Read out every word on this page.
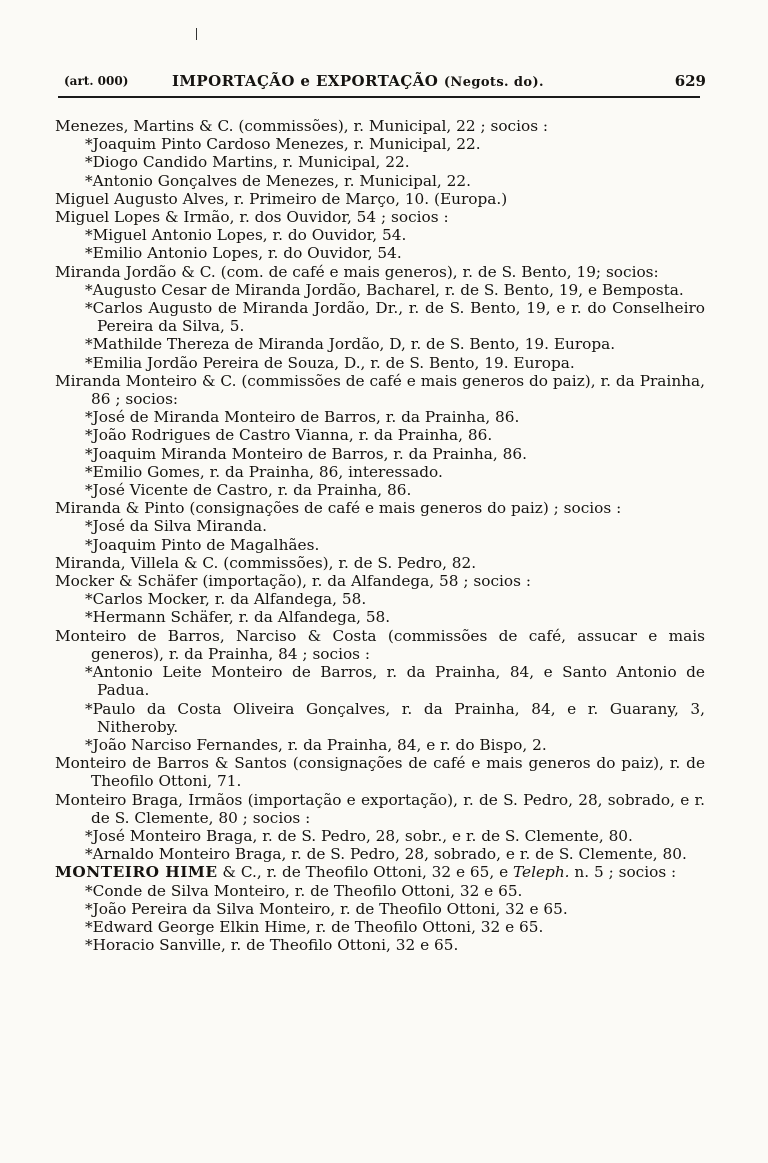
(art. 000)	IMPORTAÇÃO e EXPORTAÇÃO (Negots. do).	629
Menezes, Martins & C. (commissões), r. Municipal, 22 ; socios :
*Joaquim Pinto Cardoso Menezes, r. Municipal, 22.
*Diogo Candido Martins, r. Municipal, 22.
*Antonio Gonçalves de Menezes, r. Municipal, 22.
Miguel Augusto Alves, r. Primeiro de Março, 10. (Europa.)
Miguel Lopes & Irmão, r. dos Ouvidor, 54 ; socios :
*Miguel Antonio Lopes, r. do Ouvidor, 54.
*Emilio Antonio Lopes, r. do Ouvidor, 54.
Miranda Jordão & C. (com. de café e mais generos), r. de S. Bento, 19; socios:
*Augusto Cesar de Miranda Jordão, Bacharel, r. de S. Bento, 19, e Bemposta.
*Carlos Augusto de Miranda Jordão, Dr., r. de S. Bento, 19, e r. do Conselheiro Pereira da Silva, 5.
*Mathilde Thereza de Miranda Jordão, D, r. de S. Bento, 19. Europa.
*Emilia Jordão Pereira de Souza, D., r. de S. Bento, 19. Europa.
Miranda Monteiro & C. (commissões de café e mais generos do paiz), r. da Prainha, 86 ; socios:
*José de Miranda Monteiro de Barros, r. da Prainha, 86.
*João Rodrigues de Castro Vianna, r. da Prainha, 86.
*Joaquim Miranda Monteiro de Barros, r. da Prainha, 86.
*Emilio Gomes, r. da Prainha, 86, interessado.
*José Vicente de Castro, r. da Prainha, 86.
Miranda & Pinto (consignações de café e mais generos do paiz) ; socios :
*José da Silva Miranda.
*Joaquim Pinto de Magalhães.
Miranda, Villela & C. (commissões), r. de S. Pedro, 82.
Mocker & Schäfer (importação), r. da Alfandega, 58 ; socios :
*Carlos Mocker, r. da Alfandega, 58.
*Hermann Schäfer, r. da Alfandega, 58.
Monteiro de Barros, Narciso & Costa (commissões de café, assucar e mais generos), r. da Prainha, 84 ; socios :
*Antonio Leite Monteiro de Barros, r. da Prainha, 84, e Santo Antonio de Padua.
*Paulo da Costa Oliveira Gonçalves, r. da Prainha, 84, e r. Guarany, 3, Nitheroby.
*João Narciso Fernandes, r. da Prainha, 84, e r. do Bispo, 2.
Monteiro de Barros & Santos (consignações de café e mais generos do paiz), r. de Theofilo Ottoni, 71.
Monteiro Braga, Irmãos (importação e exportação), r. de S. Pedro, 28, sobrado, e r. de S. Clemente, 80 ; socios :
*José Monteiro Braga, r. de S. Pedro, 28, sobr., e r. de S. Clemente, 80.
*Arnaldo Monteiro Braga, r. de S. Pedro, 28, sobrado, e r. de S. Clemente, 80.
MONTEIRO HIME & C., r. de Theofilo Ottoni, 32 e 65, e Teleph. n. 5 ; socios :
*Conde de Silva Monteiro, r. de Theofilo Ottoni, 32 e 65.
*João Pereira da Silva Monteiro, r. de Theofilo Ottoni, 32 e 65.
*Edward George Elkin Hime, r. de Theofilo Ottoni, 32 e 65.
*Horacio Sanville, r. de Theofilo Ottoni, 32 e 65.
